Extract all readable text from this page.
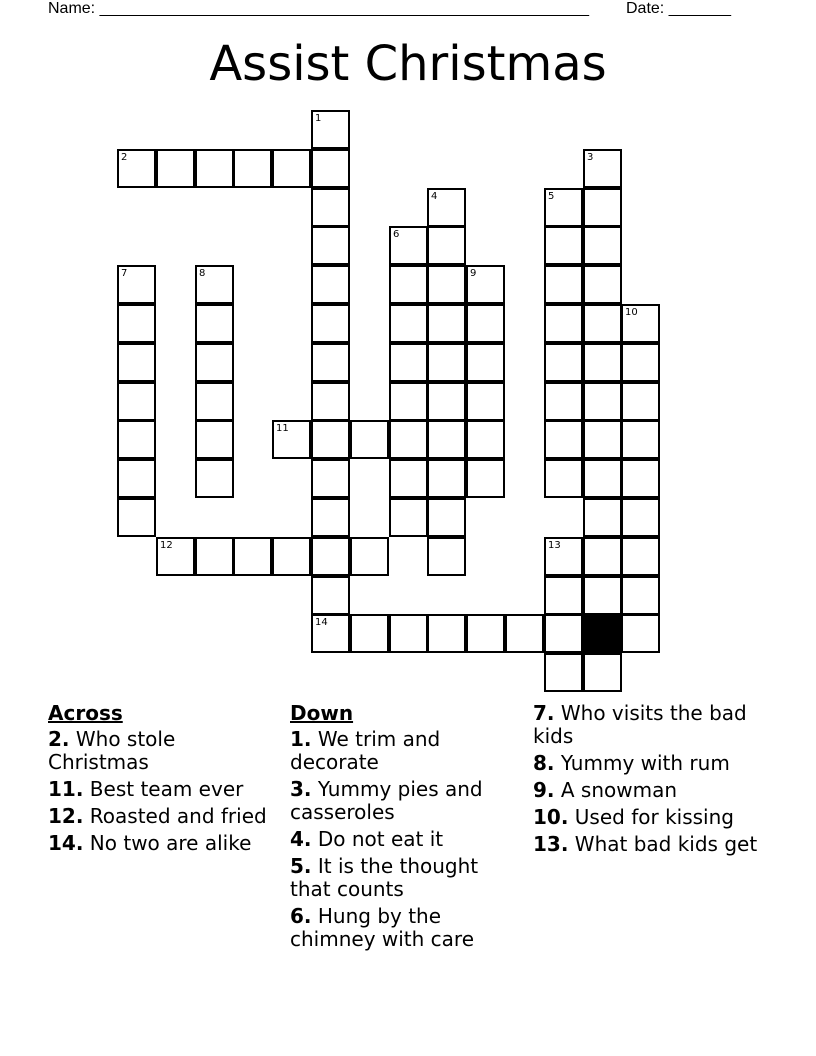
Name: _______________________________________________________ Date: _______
Assist Christmas
2
11
12
14
1
3
4	5
6
7	8	9
10
13
Across
2. Who stole Christmas
11. Best team ever
12. Roasted and fried
14. No two are alike
Down
1. We trim and decorate
3. Yummy pies and casseroles
4. Do not eat it
5. It is the thought that counts
6. Hung by the chimney with care
7. Who visits the bad kids
8. Yummy with rum
9. A snowman
10. Used for kissing
13. What bad kids get
